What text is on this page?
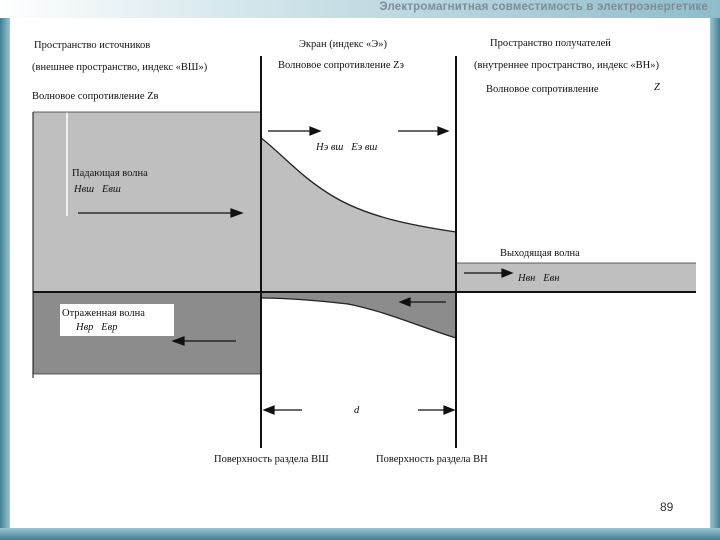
Электромагнитная совместимость в электроэнергетике
Пространство источников
(внешнее пространство, индекс «ВШ»)
Волновое сопротивление Zв
Экран (индекс «Э»)
Волновое сопротивление Zэ
Пространство получателей
(внутреннее пространство, индекс «ВН»)
Волновое сопротивление	Z
Hэ вш   Eэ вш
Падающая волна
Hвш   Eвш
Выходящая волна
Hвн   Eвн
Отраженная волна
Hвр   Eвр
d
Поверхность раздела ВШ	Поверхность раздела ВН
89
